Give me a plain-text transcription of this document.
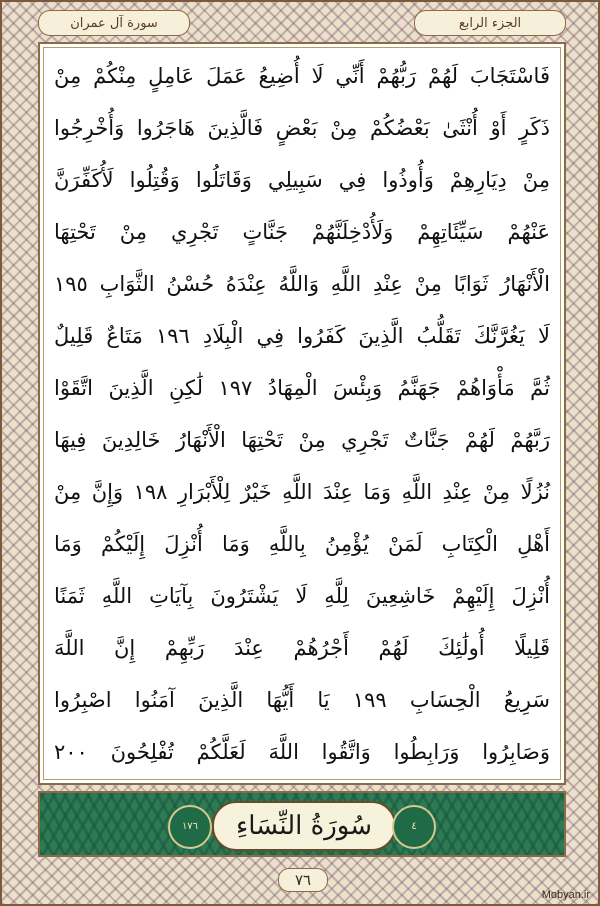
الجزء الرابع
سورة آل عمران
فَاسْتَجَابَ لَهُمْ رَبُّهُمْ أَنِّي لَا أُضِيعُ عَمَلَ عَامِلٍ مِنْكُمْ مِنْ
ذَكَرٍ أَوْ أُنْثَىٰ بَعْضُكُمْ مِنْ بَعْضٍ فَالَّذِينَ هَاجَرُوا وَأُخْرِجُوا
مِنْ دِيَارِهِمْ وَأُوذُوا فِي سَبِيلِي وَقَاتَلُوا وَقُتِلُوا لَأُكَفِّرَنَّ
عَنْهُمْ سَيِّئَاتِهِمْ وَلَأُدْخِلَنَّهُمْ جَنَّاتٍ تَجْرِي مِنْ تَحْتِهَا
الْأَنْهَارُ ثَوَابًا مِنْ عِنْدِ اللَّهِ وَاللَّهُ عِنْدَهُ حُسْنُ الثَّوَابِ ١٩٥
لَا يَغُرَّنَّكَ تَقَلُّبُ الَّذِينَ كَفَرُوا فِي الْبِلَادِ ١٩٦ مَتَاعٌ قَلِيلٌ
ثُمَّ مَأْوَاهُمْ جَهَنَّمُ وَبِئْسَ الْمِهَادُ ١٩٧ لَٰكِنِ الَّذِينَ اتَّقَوْا
رَبَّهُمْ لَهُمْ جَنَّاتٌ تَجْرِي مِنْ تَحْتِهَا الْأَنْهَارُ خَالِدِينَ فِيهَا
نُزُلًا مِنْ عِنْدِ اللَّهِ وَمَا عِنْدَ اللَّهِ خَيْرٌ لِلْأَبْرَارِ ١٩٨ وَإِنَّ مِنْ
أَهْلِ الْكِتَابِ لَمَنْ يُؤْمِنُ بِاللَّهِ وَمَا أُنْزِلَ إِلَيْكُمْ وَمَا
أُنْزِلَ إِلَيْهِمْ خَاشِعِينَ لِلَّهِ لَا يَشْتَرُونَ بِآيَاتِ اللَّهِ ثَمَنًا
قَلِيلًا أُولَٰئِكَ لَهُمْ أَجْرُهُمْ عِنْدَ رَبِّهِمْ إِنَّ اللَّهَ
سَرِيعُ الْحِسَابِ ١٩٩ يَا أَيُّهَا الَّذِينَ آمَنُوا اصْبِرُوا
وَصَابِرُوا وَرَابِطُوا وَاتَّقُوا اللَّهَ لَعَلَّكُمْ تُفْلِحُونَ ٢٠٠
١٧٦	سُورَةُ النِّسَاءِ	٤
٧٦
Mobyan.ir
